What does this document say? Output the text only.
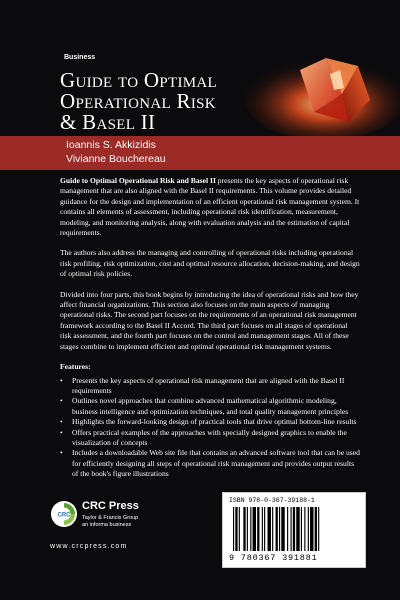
Business
Guide to Optimal
Operational Risk
& Basel II
Ioannis S. Akkizidis
Vivianne Bouchereau

Guide to Optimal Operational Risk and Basel II presents the key aspects of operational risk management that are also aligned with the Basel II requirements. This volume provides detailed guidance for the design and implementation of an efficient operational risk management system. It contains all elements of assessment, including operational risk identification, measurement, modeling, and monitoring analysis, along with evaluation analysis and the estimation of capital requirements.

The authors also address the managing and controlling of operational risks including operational risk profiling, risk optimization, cost and optimal resource allocation, decision-making, and design of optimal risk policies.

Divided into four parts, this book begins by introducing the idea of operational risks and how they affect financial organizations. This section also focuses on the main aspects of managing operational risks. The second part focuses on the requirements of an operational risk management framework according to the Basel II Accord. The third part focuses on all stages of operational risk assessment, and the fourth part focuses on the control and management stages. All of these stages combine to implement efficient and optimal operational risk management systems.

Features:
• Presents the key aspects of operational risk management that are aligned with the Basel II requirements
• Outlines novel approaches that combine advanced mathematical algorithmic modeling, business intelligence and optimization techniques, and total quality management principles
• Highlights the forward-looking design of practical tools that drive optimal bottom-line results
• Offers practical examples of the approaches with specially designed graphics to enable the visualization of concepts
• Includes a downloadable Web site file that contains an advanced software tool that can be used for efficiently designing all steps of operational risk management and provides output results of the book's figure illustrations
CRC
CRC Press
Taylor & Francis Group
an informa business
www.crcpress.com
ISBN 978-0-367-39188-1
9 780367 391881
